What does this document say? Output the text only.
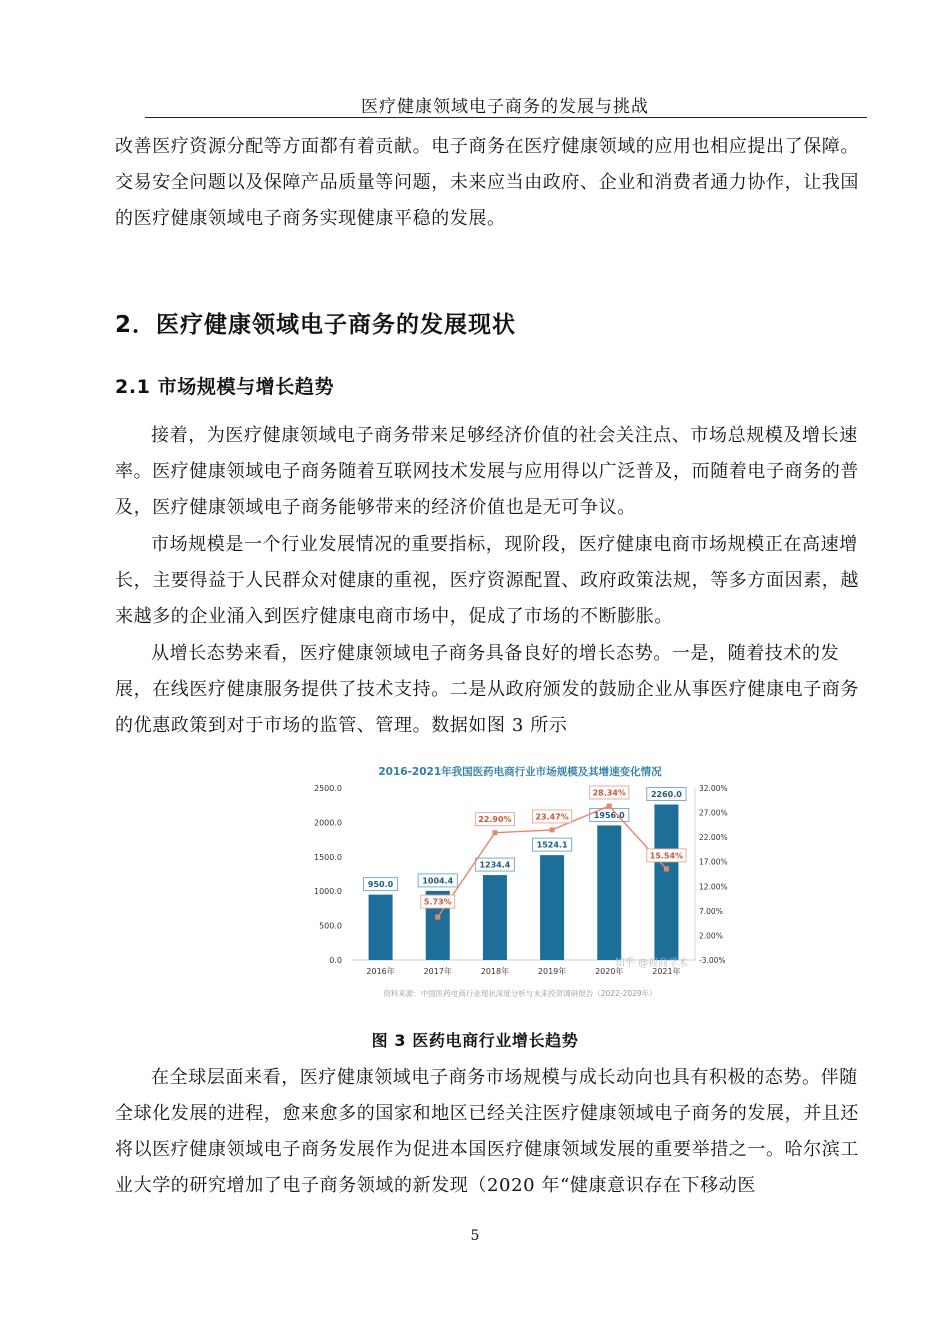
医疗健康领域电子商务的发展与挑战

改善医疗资源分配等方面都有着贡献。电子商务在医疗健康领域的应用也相应提出了保障。交易安全问题以及保障产品质量等问题，未来应当由政府、企业和消费者通力协作，让我国的医疗健康领域电子商务实现健康平稳的发展。

2．医疗健康领域电子商务的发展现状
2.1 市场规模与增长趋势

接着，为医疗健康领域电子商务带来足够经济价值的社会关注点、市场总规模及增长速率。医疗健康领域电子商务随着互联网技术发展与应用得以广泛普及，而随着电子商务的普及，医疗健康领域电子商务能够带来的经济价值也是无可争议。

市场规模是一个行业发展情况的重要指标，现阶段，医疗健康电商市场规模正在高速增长，主要得益于人民群众对健康的重视，医疗资源配置、政府政策法规，等多方面因素，越来越多的企业涌入到医疗健康电商市场中，促成了市场的不断膨胀。

从增长态势来看，医疗健康领域电子商务具备良好的增长态势。一是，随着技术的发展，在线医疗健康服务提供了技术支持。二是从政府颁发的鼓励企业从事医疗健康电子商务的优惠政策到对于市场的监管、管理。数据如图 3 所示

2016-2021年我国医药电商行业市场规模及其增速变化情况
0.0
500.0
1000.0
1500.0
2000.0
2500.0
-3.00%
2.00%
7.00%
12.00%
17.00%
22.00%
27.00%
32.00%
950.0	1004.4
1234.4
1524.1
1956.0
2260.0
5.73%
22.90%	23.47%
28.34%
15.54%
2016年	2017年	2018年	2019年	2020年	2021年
知乎 @视商学术
资料来源：中国医药电商行业现状深度分析与未来投资调研报告（2022-2029年）
图 3 医药电商行业增长趋势

在全球层面来看，医疗健康领域电子商务市场规模与成长动向也具有积极的态势。伴随全球化发展的进程，愈来愈多的国家和地区已经关注医疗健康领域电子商务的发展，并且还将以医疗健康领域电子商务发展作为促进本国医疗健康领域发展的重要举措之一。哈尔滨工业大学的研究增加了电子商务领域的新发现（2020 年“健康意识存在下移动医

5
